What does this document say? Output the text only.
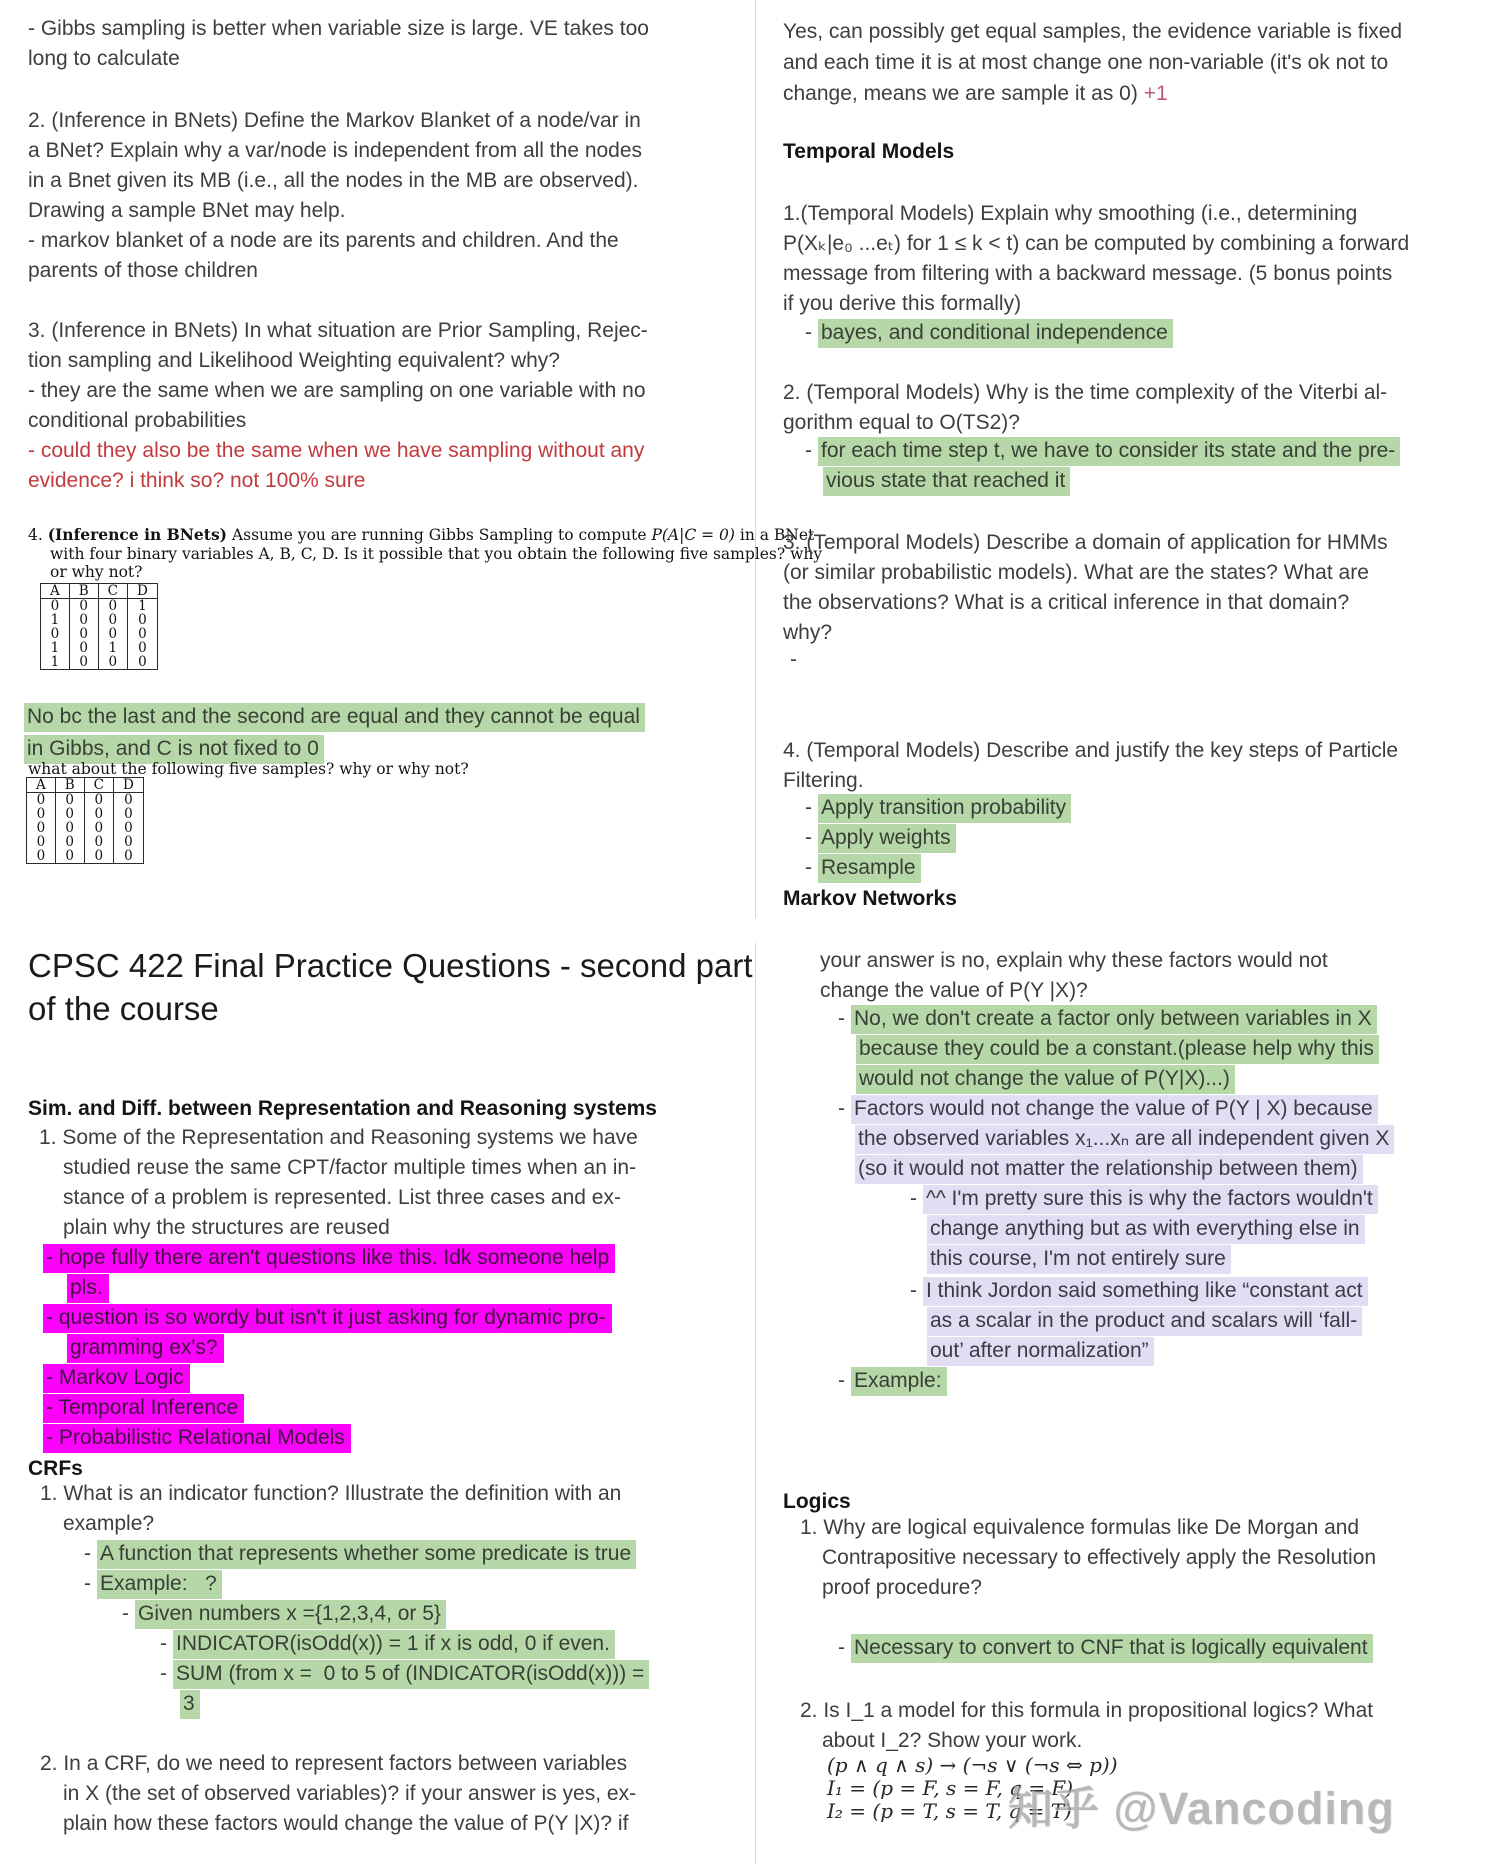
- Gibbs sampling is better when variable size is large. VE takes too
long to calculate
2. (Inference in BNets) Define the Markov Blanket of a node/var in
a BNet? Explain why a var/node is independent from all the nodes
in a Bnet given its MB (i.e., all the nodes in the MB are observed).
Drawing a sample BNet may help.
- markov blanket of a node are its parents and children. And the
parents of those children
3. (Inference in BNets) In what situation are Prior Sampling, Rejec-
tion sampling and Likelihood Weighting equivalent? why?
- they are the same when we are sampling on one variable with no
conditional probabilities
- could they also be the same when we have sampling without any
evidence? i think so? not 100% sure
4. (Inference in BNets) Assume you are running Gibbs Sampling to compute P(A|C = 0) in a BNet
with four binary variables A, B, C, D. Is it possible that you obtain the following five samples? why
or why not?
A	B	C	D
0	0	0	1
1	0	0	0
0	0	0	0
1	0	1	0
1	0	0	0
No bc the last and the second are equal and they cannot be equal
in Gibbs, and C is not fixed to 0
what about the following five samples? why or why not?
A	B	C	D
0	0	0	0
0	0	0	0
0	0	0	0
0	0	0	0
0	0	0	0
CPSC 422 Final Practice Questions - second part
of the course
Sim. and Diff. between Representation and Reasoning systems
1. Some of the Representation and Reasoning systems we have
studied reuse the same CPT/factor multiple times when an in-
stance of a problem is represented. List three cases and ex-
plain why the structures are reused
- hope fully there aren't questions like this. Idk someone help
pls.
- question is so wordy but isn't it just asking for dynamic pro-
gramming ex's?
- Markov Logic
- Temporal Inference
- Probabilistic Relational Models
CRFs
1. What is an indicator function? Illustrate the definition with an
example?
- A function that represents whether some predicate is true
- Example:   ?
- Given numbers x ={1,2,3,4, or 5}
- INDICATOR(isOdd(x)) = 1 if x is odd, 0 if even.
- SUM (from x =  0 to 5 of (INDICATOR(isOdd(x))) =
3
2. In a CRF, do we need to represent factors between variables
in X (the set of observed variables)? if your answer is yes, ex-
plain how these factors would change the value of P(Y |X)? if
Yes, can possibly get equal samples, the evidence variable is fixed
and each time it is at most change one non-variable (it's ok not to
change, means we are sample it as 0) +1
Temporal Models
1.(Temporal Models) Explain why smoothing (i.e., determining
P(Xₖ|e₀ ...eₜ) for 1 ≤ k < t) can be computed by combining a forward
message from filtering with a backward message. (5 bonus points
if you derive this formally)
- bayes, and conditional independence
2. (Temporal Models) Why is the time complexity of the Viterbi al-
gorithm equal to O(TS2)?
- for each time step t, we have to consider its state and the pre-
vious state that reached it
3. (Temporal Models) Describe a domain of application for HMMs
(or similar probabilistic models). What are the states? What are
the observations? What is a critical inference in that domain?
why?
-
4. (Temporal Models) Describe and justify the key steps of Particle
Filtering.
- Apply transition probability
- Apply weights
- Resample
Markov Networks
your answer is no, explain why these factors would not
change the value of P(Y |X)?
- No, we don't create a factor only between variables in X
because they could be a constant.(please help why this
would not change the value of P(Y|X)...)
- Factors would not change the value of P(Y | X) because
the observed variables x₁...xₙ are all independent given X
(so it would not matter the relationship between them)
- ^^ I'm pretty sure this is why the factors wouldn't
change anything but as with everything else in
this course, I'm not entirely sure
- I think Jordon said something like “constant act
as a scalar in the product and scalars will ‘fall-
out’ after normalization”
- Example:
Logics
1. Why are logical equivalence formulas like De Morgan and
Contrapositive necessary to effectively apply the Resolution
proof procedure?
- Necessary to convert to CNF that is logically equivalent
2. Is I_1 a model for this formula in propositional logics? What
about I_2? Show your work.
(p ∧ q ∧ s) → (¬s ∨ (¬s ⇔ p))
I₁ = (p = F, s = F, q = F)
I₂ = (p = T, s = T, q = T)
知乎 @Vancoding
